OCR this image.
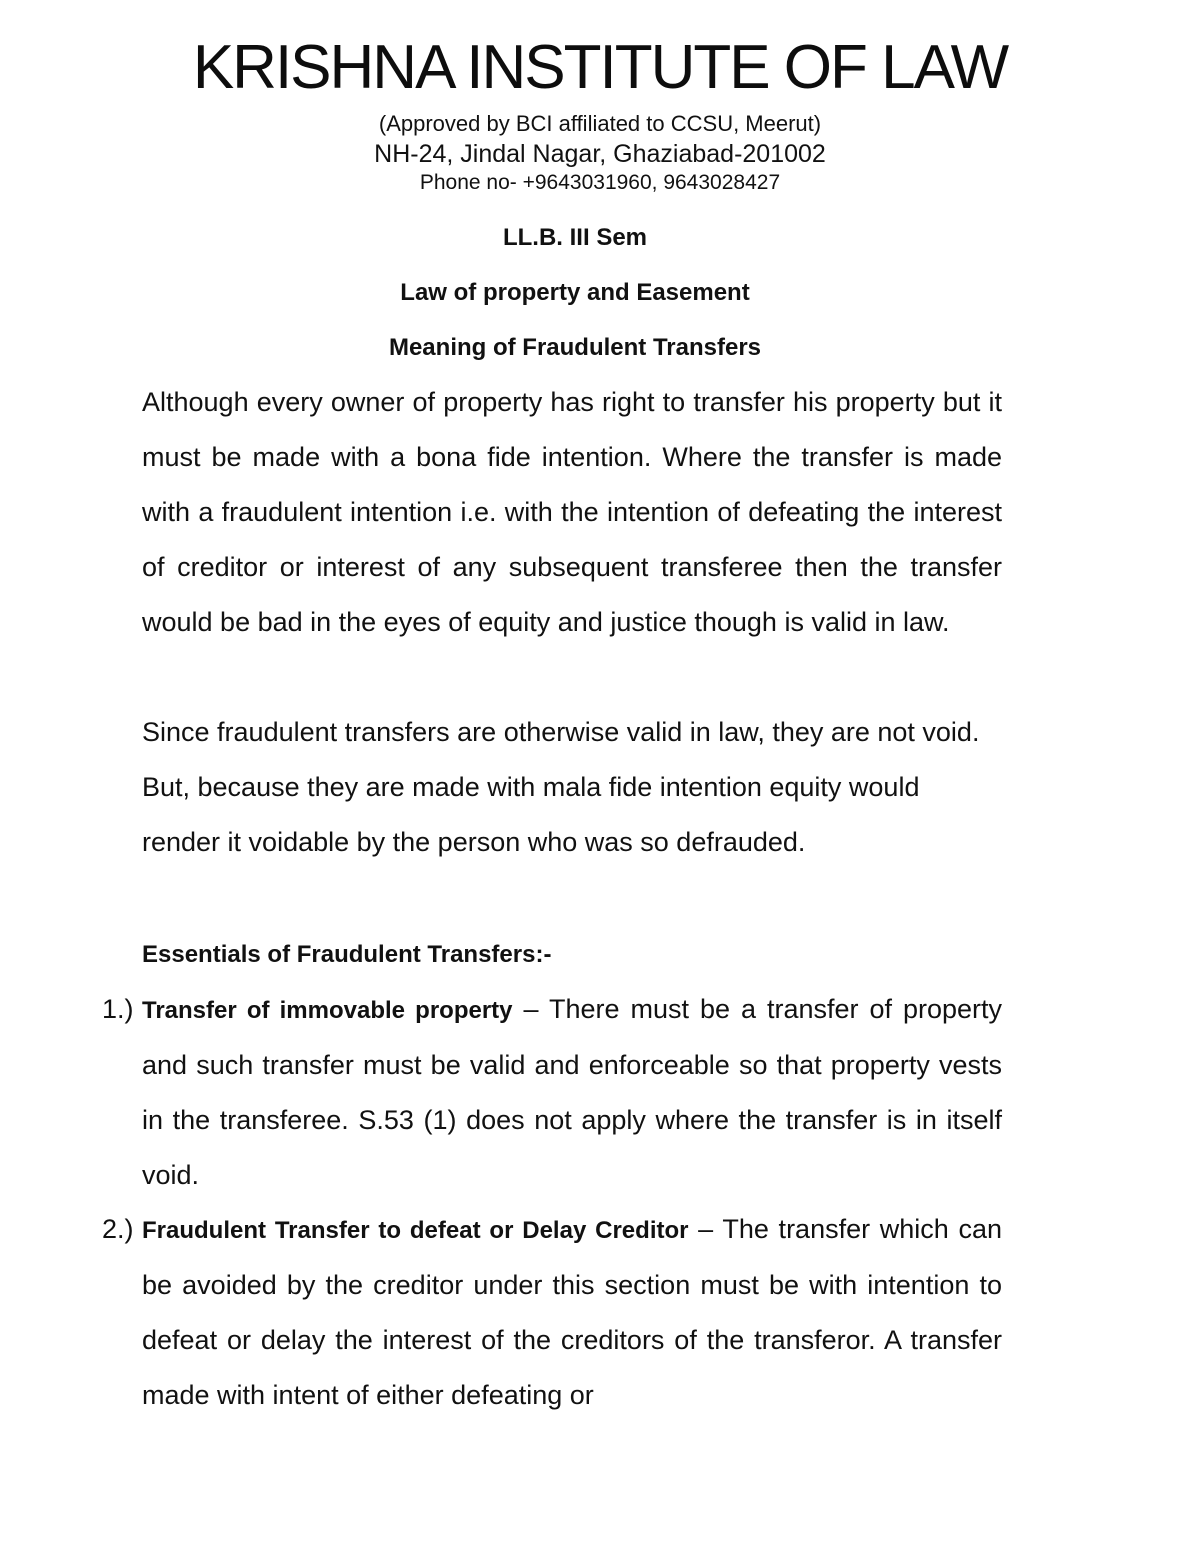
KRISHNA INSTITUTE OF LAW
(Approved by BCI affiliated to CCSU, Meerut)
NH-24, Jindal Nagar, Ghaziabad-201002
Phone no- +9643031960, 9643028427
LL.B. III Sem
Law of property and Easement
Meaning of Fraudulent Transfers
Although every owner of property has right to transfer his property but it must be made with a bona fide intention. Where the transfer is made with a fraudulent intention i.e. with the intention of defeating the interest of creditor or interest of any subsequent transferee then the transfer would be bad in the eyes of equity and justice though is valid in law.
Since fraudulent transfers are otherwise valid in law, they are not void. But, because they are made with mala fide intention equity would render it voidable by the person who was so defrauded.
Essentials of Fraudulent Transfers:-
1.) Transfer of immovable property – There must be a transfer of property and such transfer must be valid and enforceable so that property vests in the transferee. S.53 (1) does not apply where the transfer is in itself void.
2.) Fraudulent Transfer to defeat or Delay Creditor – The transfer which can be avoided by the creditor under this section must be with intention to defeat or delay the interest of the creditors of the transferor. A transfer made with intent of either defeating or
